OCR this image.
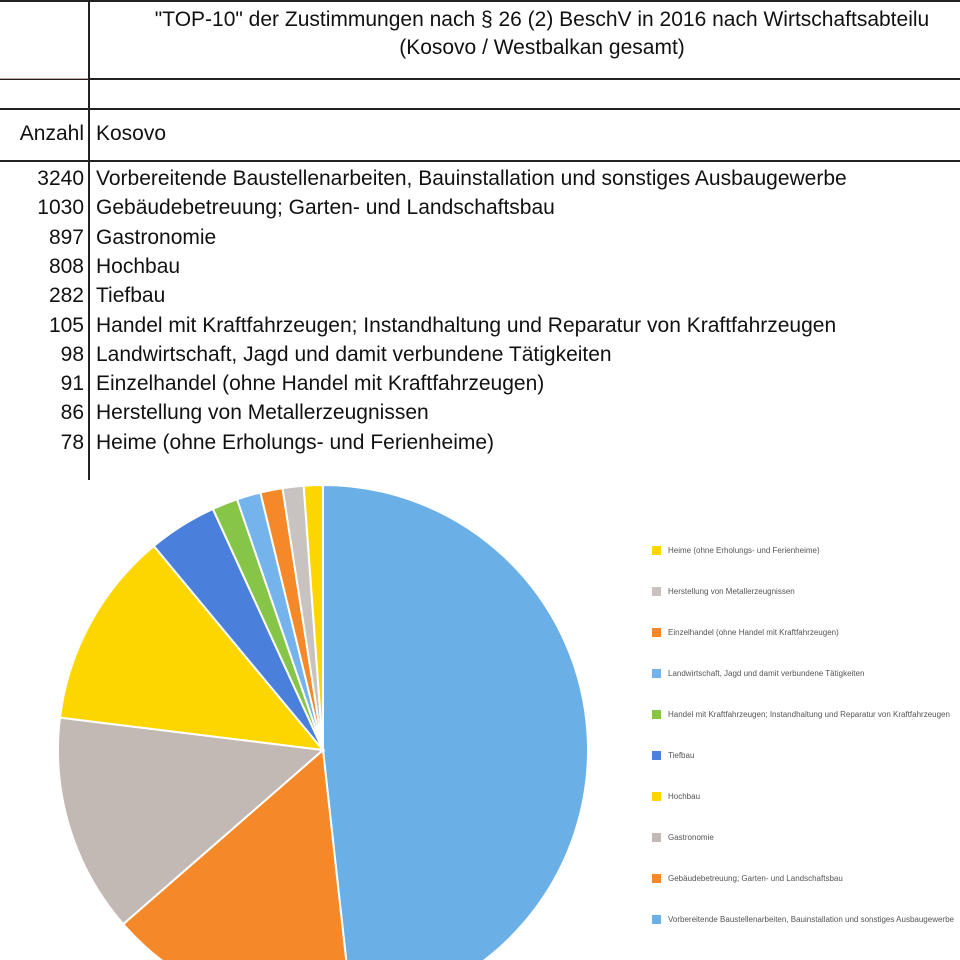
"TOP-10" der Zustimmungen nach § 26 (2) BeschV in 2016 nach Wirtschaftsabteilu
(Kosovo / Westbalkan gesamt)
Anzahl Kosovo
3240 Vorbereitende Baustellenarbeiten, Bauinstallation und sonstiges Ausbaugewerbe
1030 Gebäudebetreuung; Garten- und Landschaftsbau
897 Gastronomie
808 Hochbau
282 Tiefbau
105 Handel mit Kraftfahrzeugen; Instandhaltung und Reparatur von Kraftfahrzeugen
98 Landwirtschaft, Jagd und damit verbundene Tätigkeiten
91 Einzelhandel (ohne Handel mit Kraftfahrzeugen)
86 Herstellung von Metallerzeugnissen
78 Heime (ohne Erholungs- und Ferienheime)
Heime (ohne Erholungs- und Ferienheime)
Herstellung von Metallerzeugnissen
Einzelhandel (ohne Handel mit Kraftfahrzeugen)
Landwirtschaft, Jagd und damit verbundene Tätigkeiten
Handel mit Kraftfahrzeugen; Instandhaltung und Reparatur von Kraftfahrzeugen
Tiefbau
Hochbau
Gastronomie
Gebäudebetreuung; Garten- und Landschaftsbau
Vorbereitende Baustellenarbeiten, Bauinstallation und sonstiges Ausbaugewerbe
